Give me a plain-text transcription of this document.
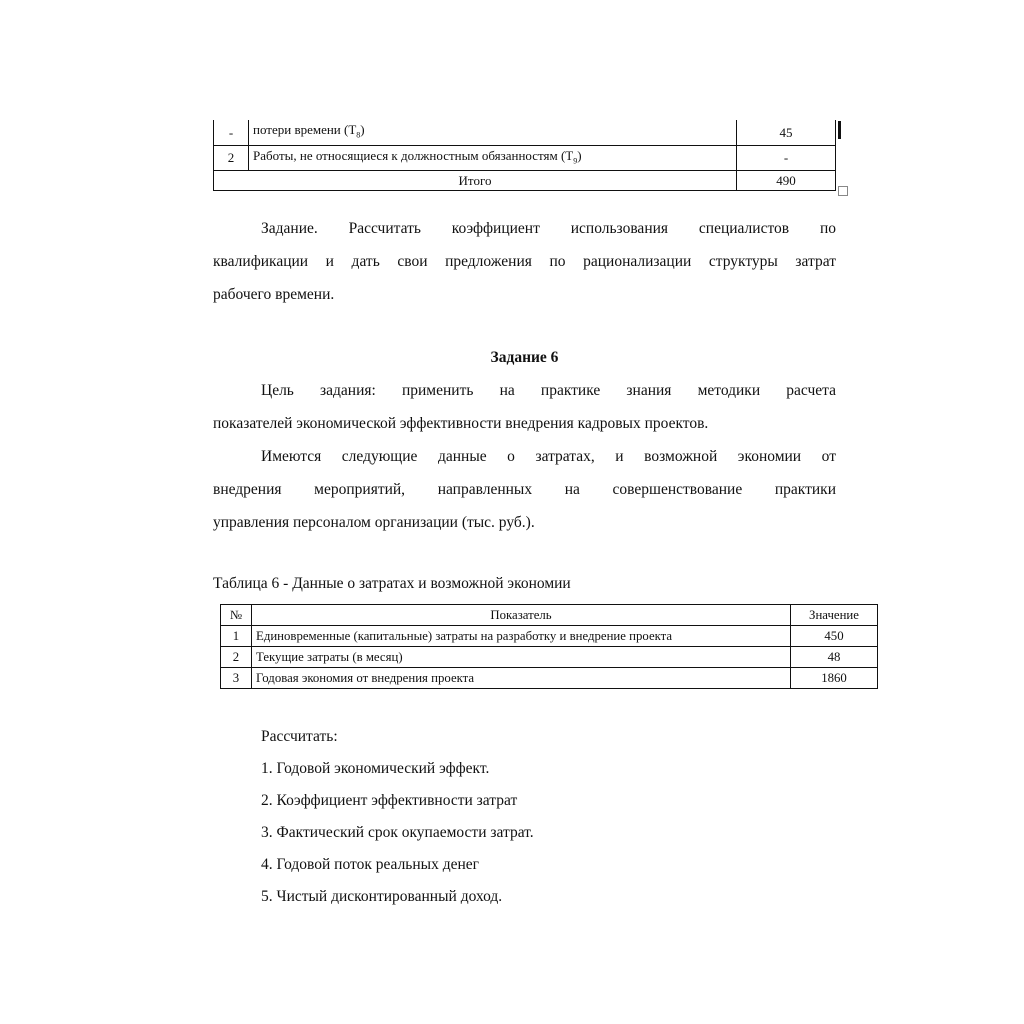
-	потери времени $(Т_8)$	45
2	Работы, не относящиеся к должностным обязанностям $(Т_9)$	-
Итого		490

Задание. Рассчитать коэффициент использования специалистов по
квалификации и дать свои предложения по рационализации структуры затрат
рабочего времени.

Задание 6

Цель задания: применить на практике знания методики расчета
показателей экономической эффективности внедрения кадровых проектов.

Имеются следующие данные о затратах, и возможной экономии от
внедрения мероприятий, направленных на совершенствование практики
управления персоналом организации (тыс. руб.).

Таблица 6 - Данные о затратах и возможной экономии
№	Показатель	Значение
1	Единовременные (капитальные) затраты на разработку и внедрение проекта	450
2	Текущие затраты (в месяц)	48
3	Годовая экономия от внедрения проекта	1860
Рассчитать:
1. Годовой экономический эффект.
2. Коэффициент эффективности затрат
3. Фактический срок окупаемости затрат.
4. Годовой поток реальных денег
5. Чистый дисконтированный доход.
